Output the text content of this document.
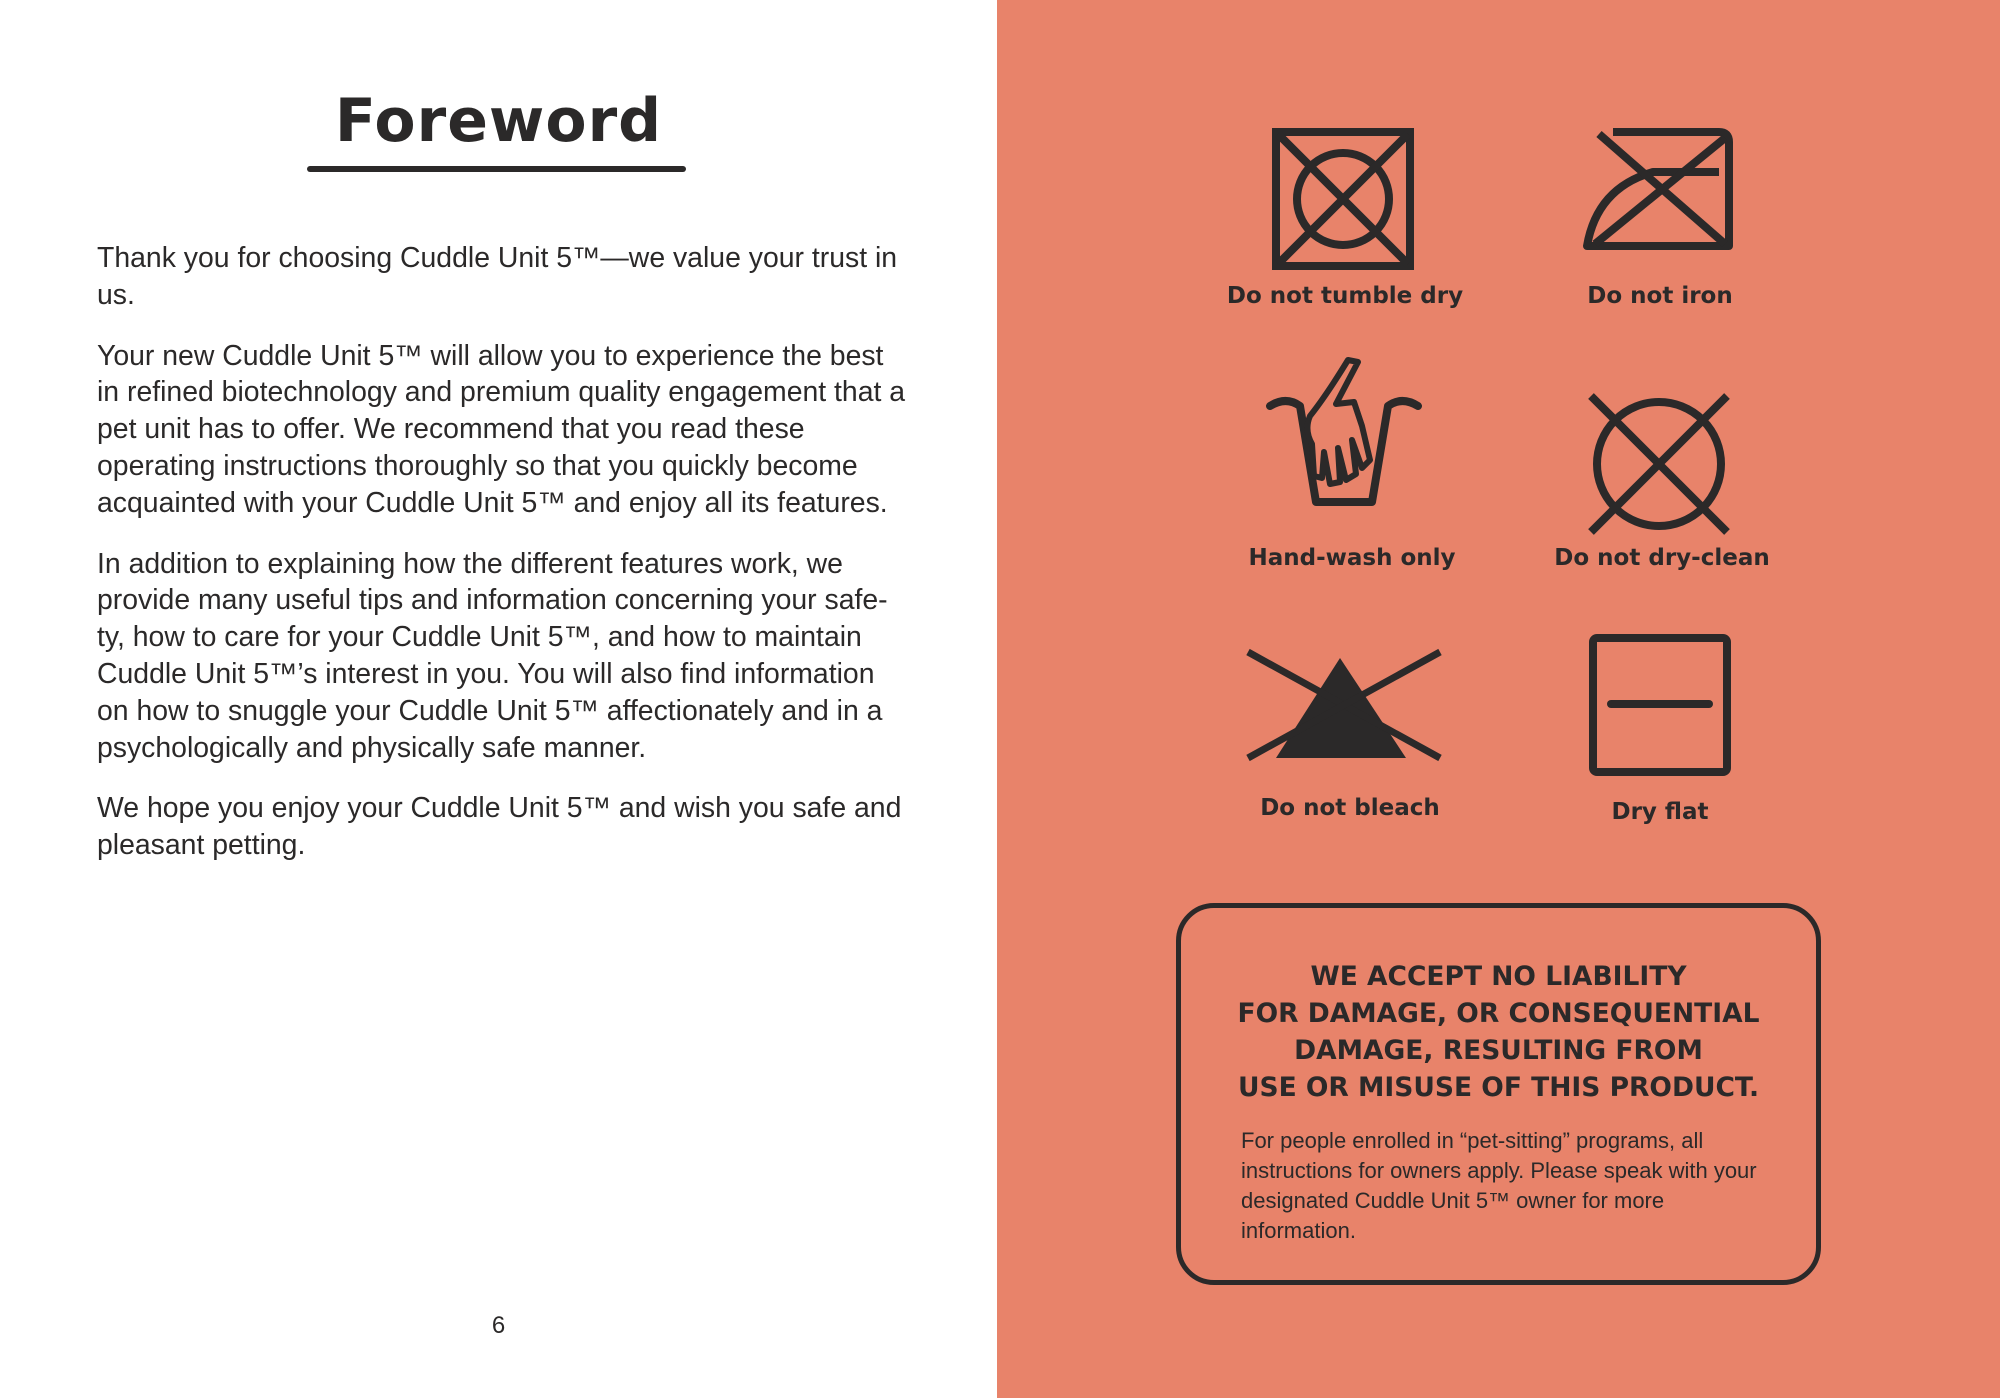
Foreword

Thank you for choosing Cuddle Unit 5™—we value your trust in us.

Your new Cuddle Unit 5™ will allow you to experience the best in refined biotechnology and premium quality engagement that a pet unit has to offer. We recommend that you read these operating instructions thoroughly so that you quickly become acquainted with your Cuddle Unit 5™ and enjoy all its features.

In addition to explaining how the different features work, we provide many useful tips and information concerning your safe-ty, how to care for your Cuddle Unit 5™, and how to maintain Cuddle Unit 5™’s interest in you. You will also find information on how to snuggle your Cuddle Unit 5™ affectionately and in a psychologically and physically safe manner.

We hope you enjoy your Cuddle Unit 5™ and wish you safe and pleasant petting.

6
Do not tumble dry	Do not iron
Hand-wash only	Do not dry-clean
Do not bleach	Dry flat
WE ACCEPT NO LIABILITY
FOR DAMAGE, OR CONSEQUENTIAL
DAMAGE, RESULTING FROM
USE OR MISUSE OF THIS PRODUCT.
For people enrolled in “pet-sitting” programs, all instructions for owners apply. Please speak with your designated Cuddle Unit 5™ owner for more information.
